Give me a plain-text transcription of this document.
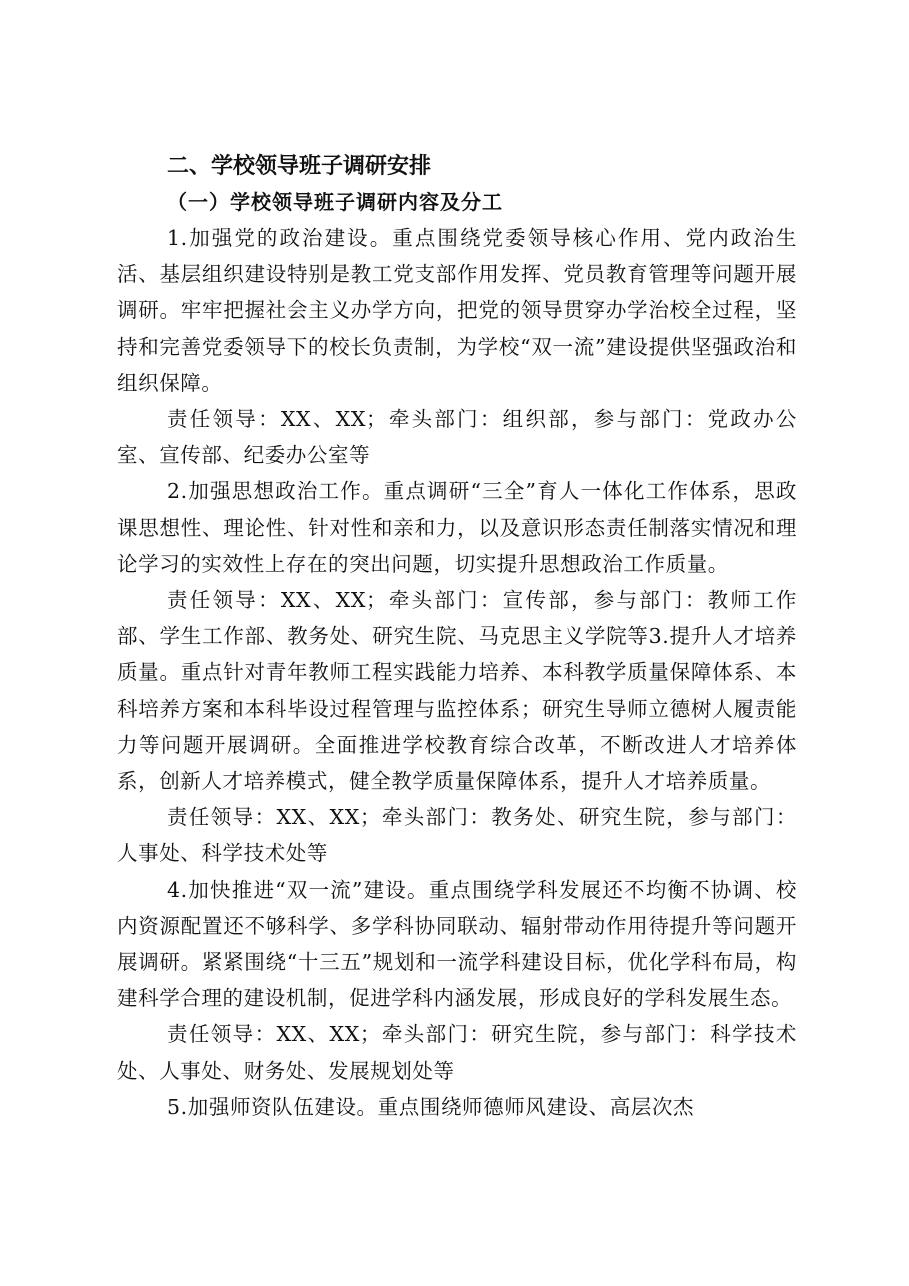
二、学校领导班子调研安排
（一）学校领导班子调研内容及分工

1.加强党的政治建设。重点围绕党委领导核心作用、党内政治生活、基层组织建设特别是教工党支部作用发挥、党员教育管理等问题开展调研。牢牢把握社会主义办学方向，把党的领导贯穿办学治校全过程，坚持和完善党委领导下的校长负责制，为学校“双一流”建设提供坚强政治和组织保障。

责任领导：XX、XX；牵头部门：组织部，参与部门：党政办公室、宣传部、纪委办公室等

2.加强思想政治工作。重点调研“三全”育人一体化工作体系，思政课思想性、理论性、针对性和亲和力，以及意识形态责任制落实情况和理论学习的实效性上存在的突出问题，切实提升思想政治工作质量。

责任领导：XX、XX；牵头部门：宣传部，参与部门：教师工作部、学生工作部、教务处、研究生院、马克思主义学院等3.提升人才培养质量。重点针对青年教师工程实践能力培养、本科教学质量保障体系、本科培养方案和本科毕设过程管理与监控体系；研究生导师立德树人履责能力等问题开展调研。全面推进学校教育综合改革，不断改进人才培养体系，创新人才培养模式，健全教学质量保障体系，提升人才培养质量。

责任领导：XX、XX；牵头部门：教务处、研究生院，参与部门：人事处、科学技术处等

4.加快推进“双一流”建设。重点围绕学科发展还不均衡不协调、校内资源配置还不够科学、多学科协同联动、辐射带动作用待提升等问题开展调研。紧紧围绕“十三五”规划和一流学科建设目标，优化学科布局，构建科学合理的建设机制，促进学科内涵发展，形成良好的学科发展生态。

责任领导：XX、XX；牵头部门：研究生院，参与部门：科学技术处、人事处、财务处、发展规划处等

5.加强师资队伍建设。重点围绕师德师风建设、高层次杰
